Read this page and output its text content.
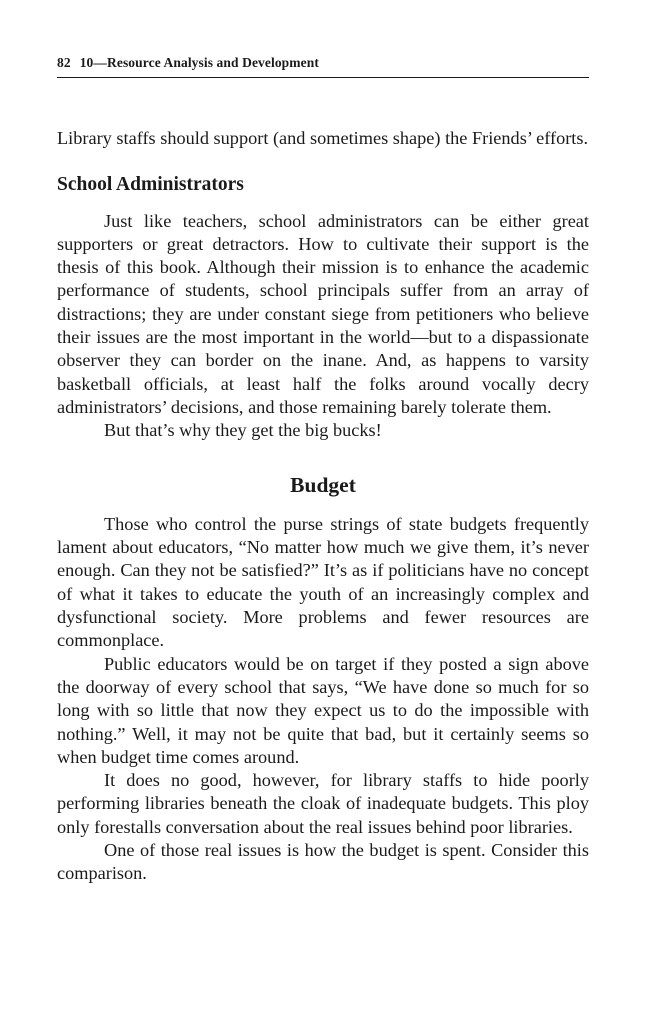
82 10—Resource Analysis and Development

Library staffs should support (and sometimes shape) the Friends’ efforts.

School Administrators

Just like teachers, school administrators can be either great supporters or great detractors. How to cultivate their support is the thesis of this book. Although their mission is to enhance the academic performance of students, school principals suffer from an array of distractions; they are under constant siege from petitioners who believe their issues are the most important in the world—but to a dispassionate observer they can border on the inane. And, as happens to varsity basketball officials, at least half the folks around vocally decry administrators’ decisions, and those remaining barely tolerate them.

But that’s why they get the big bucks!

Budget

Those who control the purse strings of state budgets frequently lament about educators, “No matter how much we give them, it’s never enough. Can they not be satisfied?” It’s as if politicians have no concept of what it takes to educate the youth of an increasingly complex and dysfunctional society. More problems and fewer resources are commonplace.

Public educators would be on target if they posted a sign above the doorway of every school that says, “We have done so much for so long with so little that now they expect us to do the impossible with nothing.” Well, it may not be quite that bad, but it certainly seems so when budget time comes around.

It does no good, however, for library staffs to hide poorly performing libraries beneath the cloak of inadequate budgets. This ploy only forestalls conversation about the real issues behind poor libraries.

One of those real issues is how the budget is spent. Consider this comparison.
